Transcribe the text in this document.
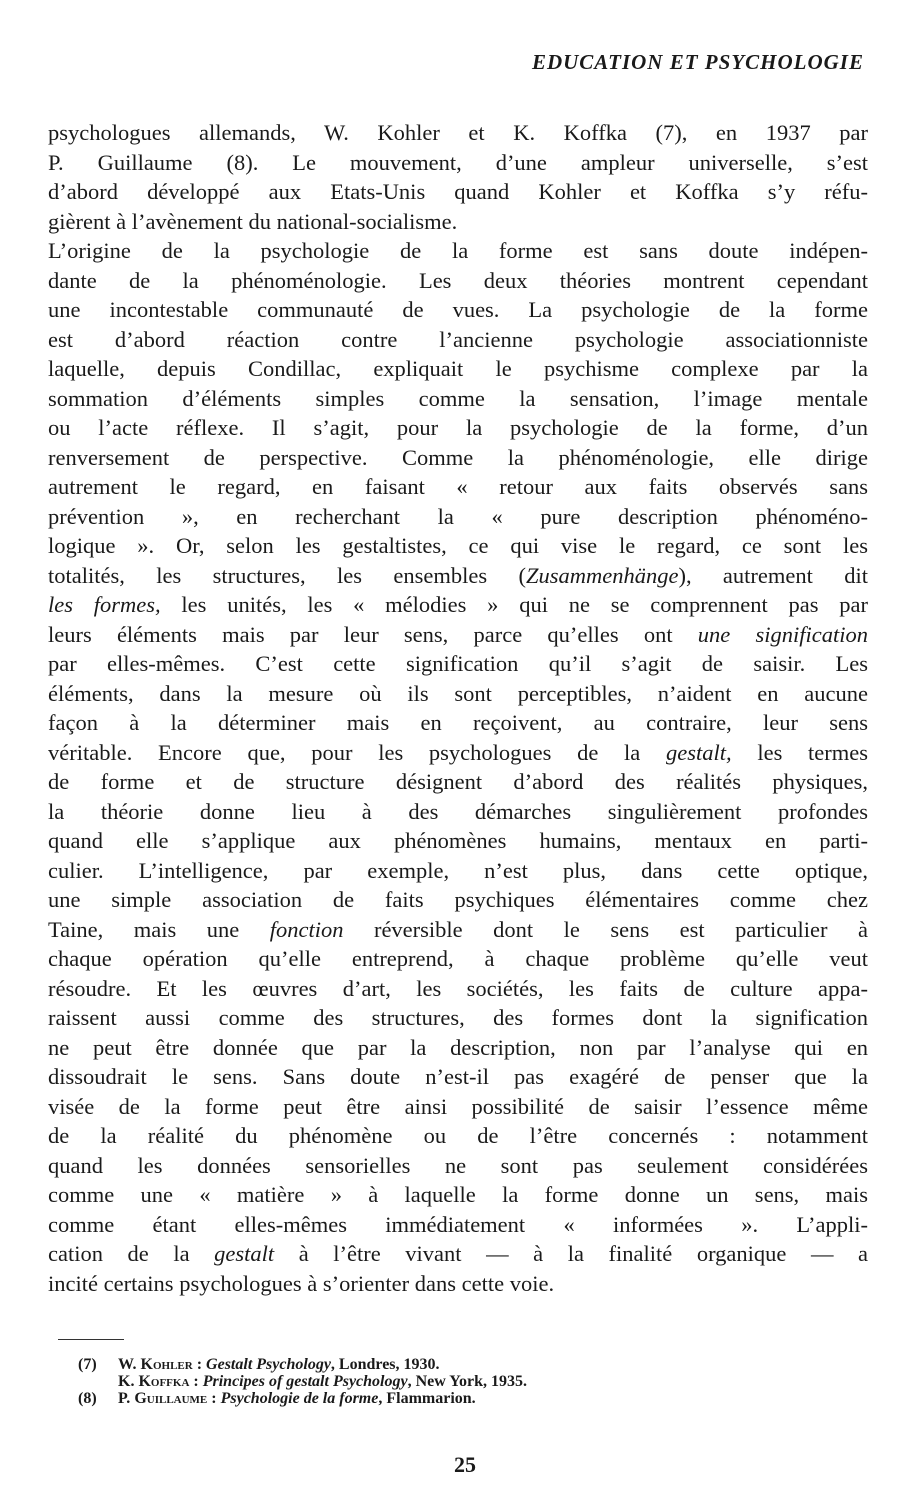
EDUCATION ET PSYCHOLOGIE
psychologues allemands, W. Kohler et K. Koffka (7), en 1937 par
P. Guillaume (8). Le mouvement, d’une ampleur universelle, s’est
d’abord développé aux Etats-Unis quand Kohler et Koffka s’y réfu-
gièrent à l’avènement du national-socialisme.
L’origine de la psychologie de la forme est sans doute indépen-
dante de la phénoménologie. Les deux théories montrent cependant
une incontestable communauté de vues. La psychologie de la forme
est d’abord réaction contre l’ancienne psychologie associationniste
laquelle, depuis Condillac, expliquait le psychisme complexe par la
sommation d’éléments simples comme la sensation, l’image mentale
ou l’acte réflexe. Il s’agit, pour la psychologie de la forme, d’un
renversement de perspective. Comme la phénoménologie, elle dirige
autrement le regard, en faisant « retour aux faits observés sans
prévention », en recherchant la « pure description phénoméno-
logique ». Or, selon les gestaltistes, ce qui vise le regard, ce sont les
totalités, les structures, les ensembles (Zusammenhänge), autrement dit
les formes, les unités, les « mélodies » qui ne se comprennent pas par
leurs éléments mais par leur sens, parce qu’elles ont une signification
par elles-mêmes. C’est cette signification qu’il s’agit de saisir. Les
éléments, dans la mesure où ils sont perceptibles, n’aident en aucune
façon à la déterminer mais en reçoivent, au contraire, leur sens
véritable. Encore que, pour les psychologues de la gestalt, les termes
de forme et de structure désignent d’abord des réalités physiques,
la théorie donne lieu à des démarches singulièrement profondes
quand elle s’applique aux phénomènes humains, mentaux en parti-
culier. L’intelligence, par exemple, n’est plus, dans cette optique,
une simple association de faits psychiques élémentaires comme chez
Taine, mais une fonction réversible dont le sens est particulier à
chaque opération qu’elle entreprend, à chaque problème qu’elle veut
résoudre. Et les œuvres d’art, les sociétés, les faits de culture appa-
raissent aussi comme des structures, des formes dont la signification
ne peut être donnée que par la description, non par l’analyse qui en
dissoudrait le sens. Sans doute n’est-il pas exagéré de penser que la
visée de la forme peut être ainsi possibilité de saisir l’essence même
de la réalité du phénomène ou de l’être concernés : notamment
quand les données sensorielles ne sont pas seulement considérées
comme une « matière » à laquelle la forme donne un sens, mais
comme étant elles-mêmes immédiatement « informées ». L’appli-
cation de la gestalt à l’être vivant — à la finalité organique — a
incité certains psychologues à s’orienter dans cette voie.
(7) W. Kohler : Gestalt Psychology, Londres, 1930.
K. Koffka : Principes of gestalt Psychology, New York, 1935.
(8) P. Guillaume : Psychologie de la forme, Flammarion.
25
